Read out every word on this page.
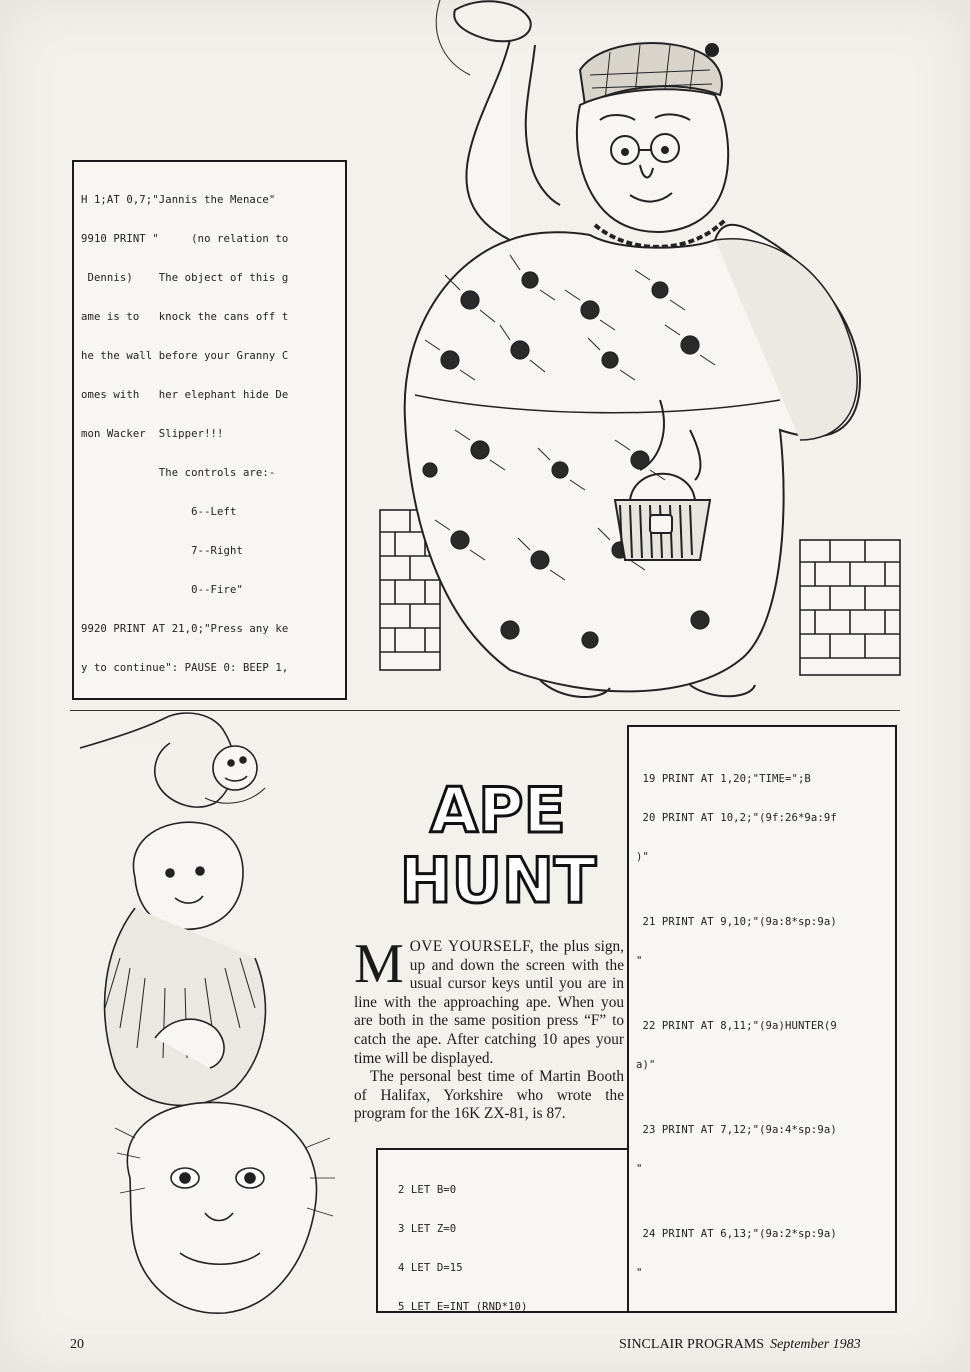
H 1;AT 0,7;"Jannis the Menace"

9910 PRINT "     (no relation to

Dennis)    The object of this g

ame is to   knock the cans off t

he the wall before your Granny C

omes with   her elephant hide De

mon Wacker  Slipper!!!

The controls are:-

6--Left

7--Right

0--Fire"

9920 PRINT AT 21,0;"Press any ke

y to continue": PAUSE 0: BEEP 1,

APE
HUNT

MOVE YOURSELF, the plus sign, up and down the screen with the usual cursor keys until you are in line with the approaching ape. When you are both in the same position press “F” to catch the ape. After catching 10 apes your time will be displayed.

The personal best time of Martin Booth of Halifax, Yorkshire who wrote the program for the 16K ZX-81, is 87.

2 LET B=0

3 LET Z=0

4 LET D=15

5 LET E=INT (RND*10)

19 PRINT AT 1,20;"TIME=";B

20 PRINT AT 10,2;"(9f:26*9a:9f

)"

21 PRINT AT 9,10;"(9a:8*sp:9a)

"

22 PRINT AT 8,11;"(9a)HUNTER(9

a)"

23 PRINT AT 7,12;"(9a:4*sp:9a)

"

24 PRINT AT 6,13;"(9a:2*sp:9a)

"

20	SINCLAIR PROGRAMS September 1983
